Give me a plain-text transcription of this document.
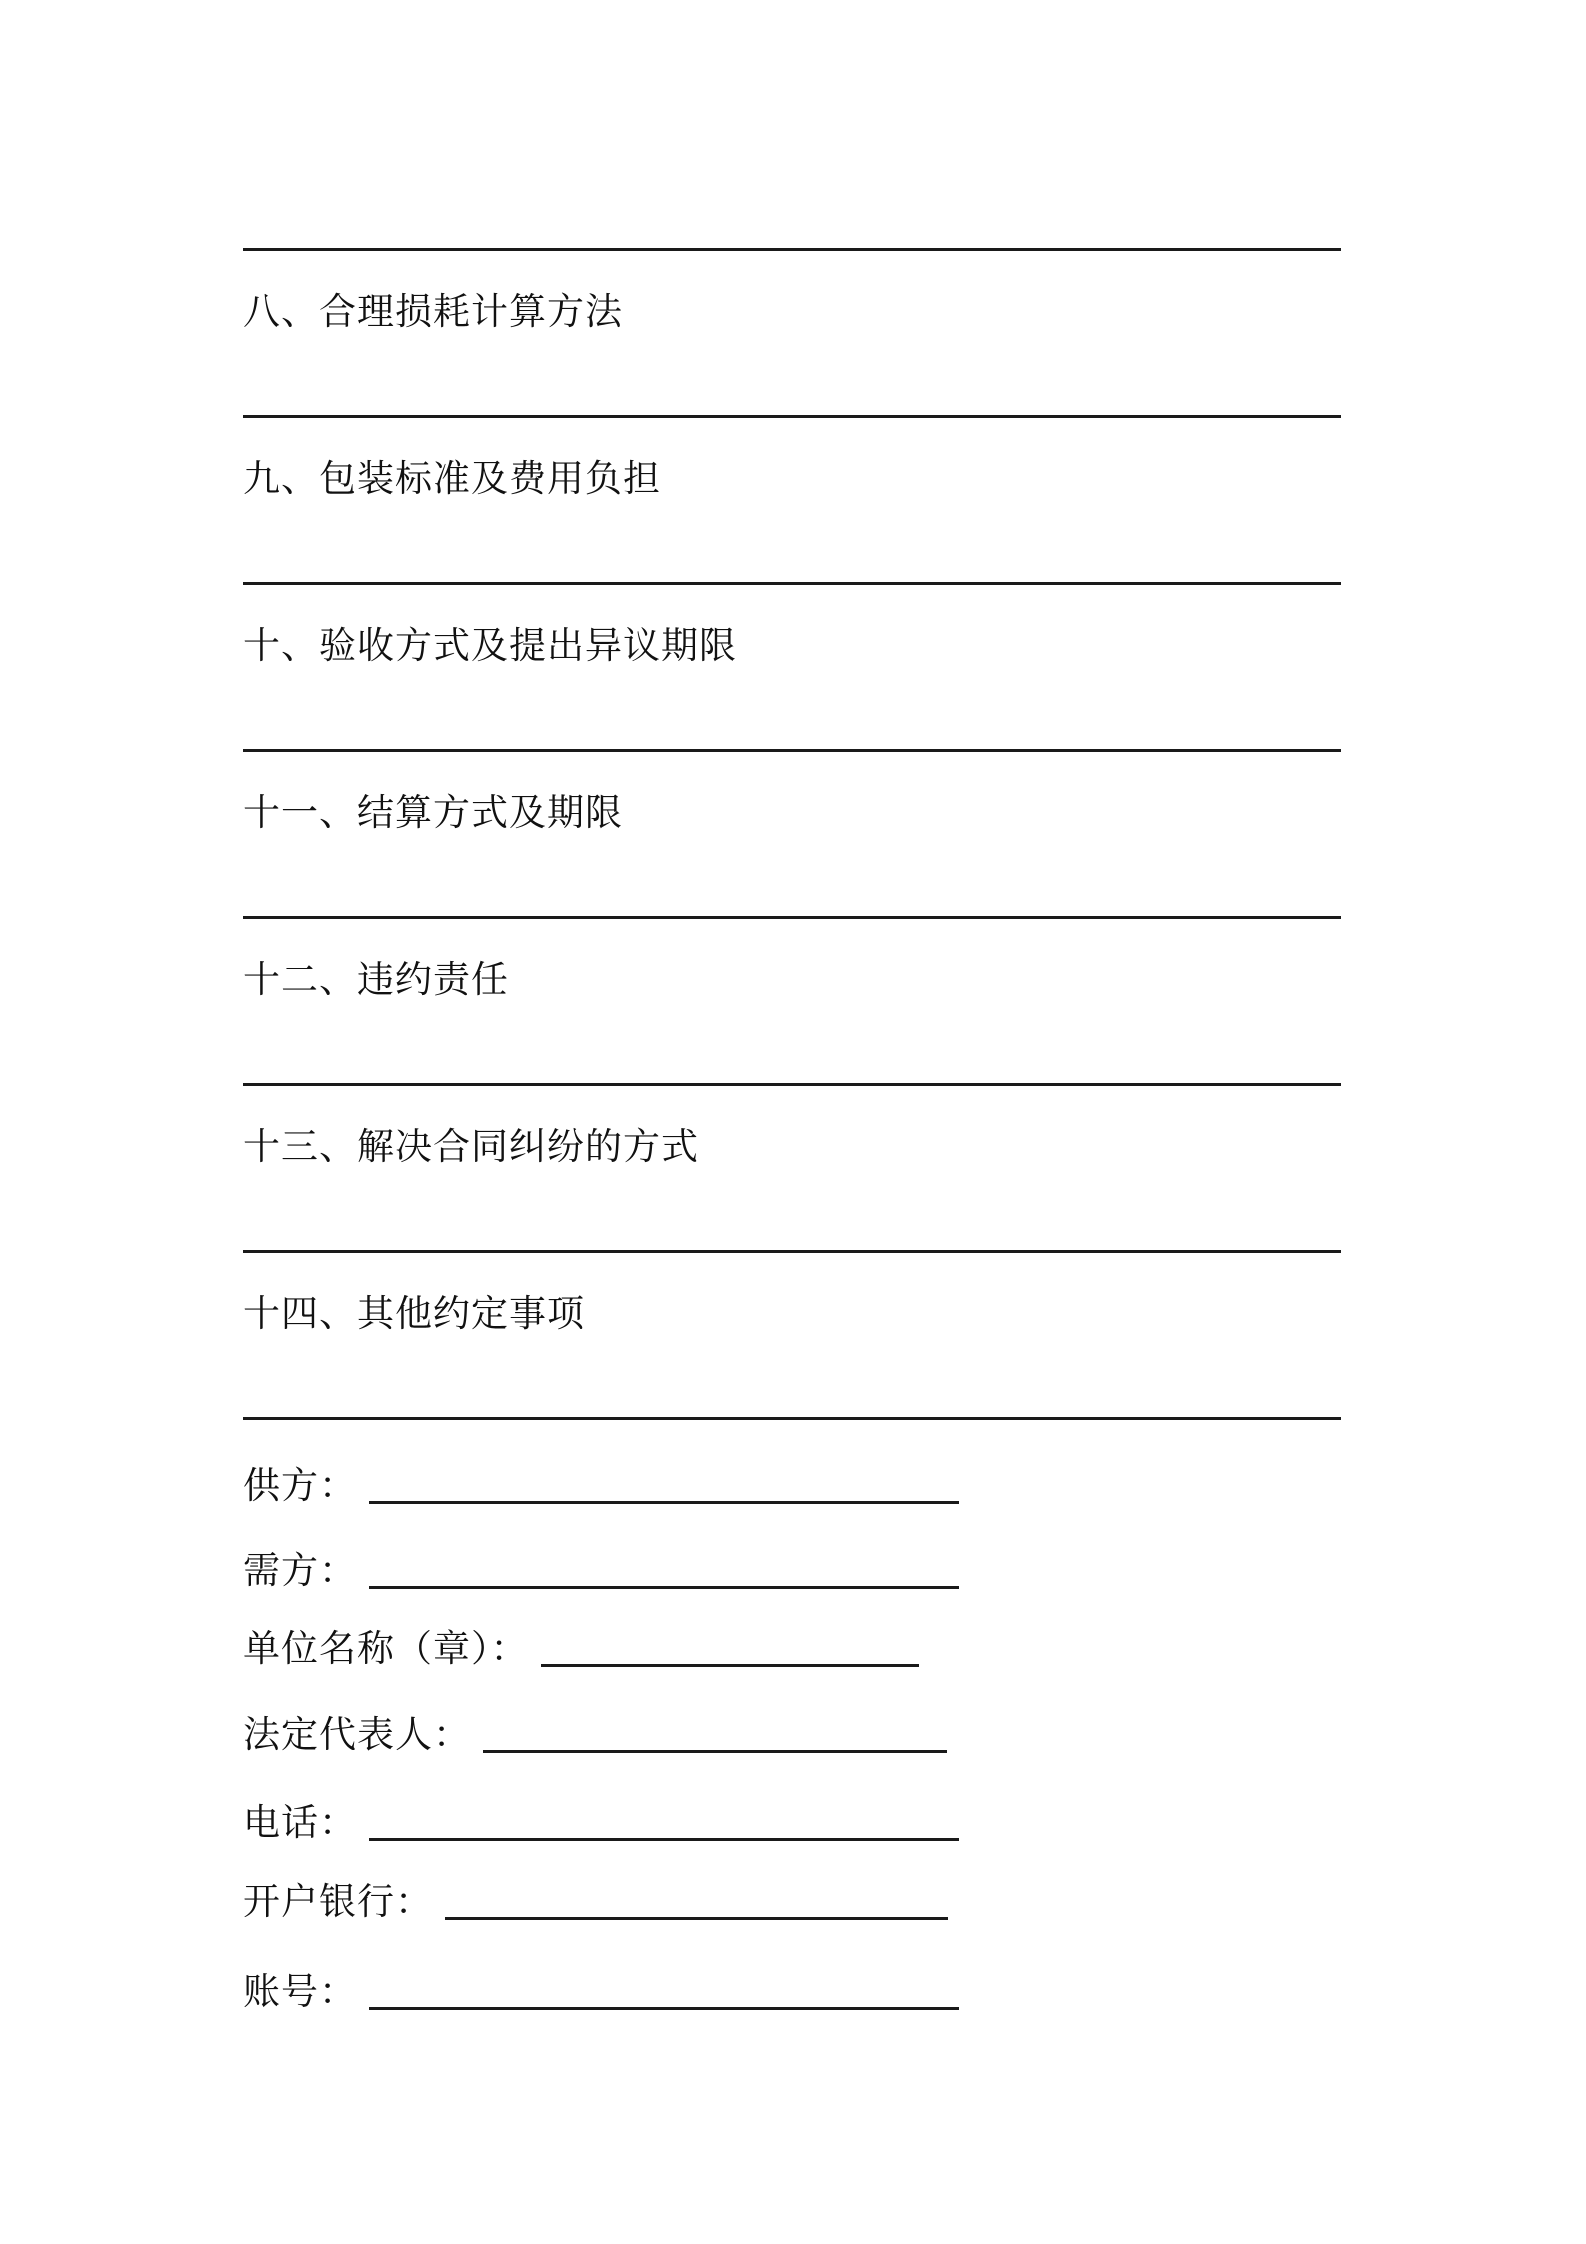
八、合理损耗计算方法
九、包装标准及费用负担
十、验收方式及提出异议期限
十一、结算方式及期限
十二、违约责任
十三、解决合同纠纷的方式
十四、其他约定事项
供方：
需方：
单位名称（章）：
法定代表人：
电话：
开户银行：
账号：
